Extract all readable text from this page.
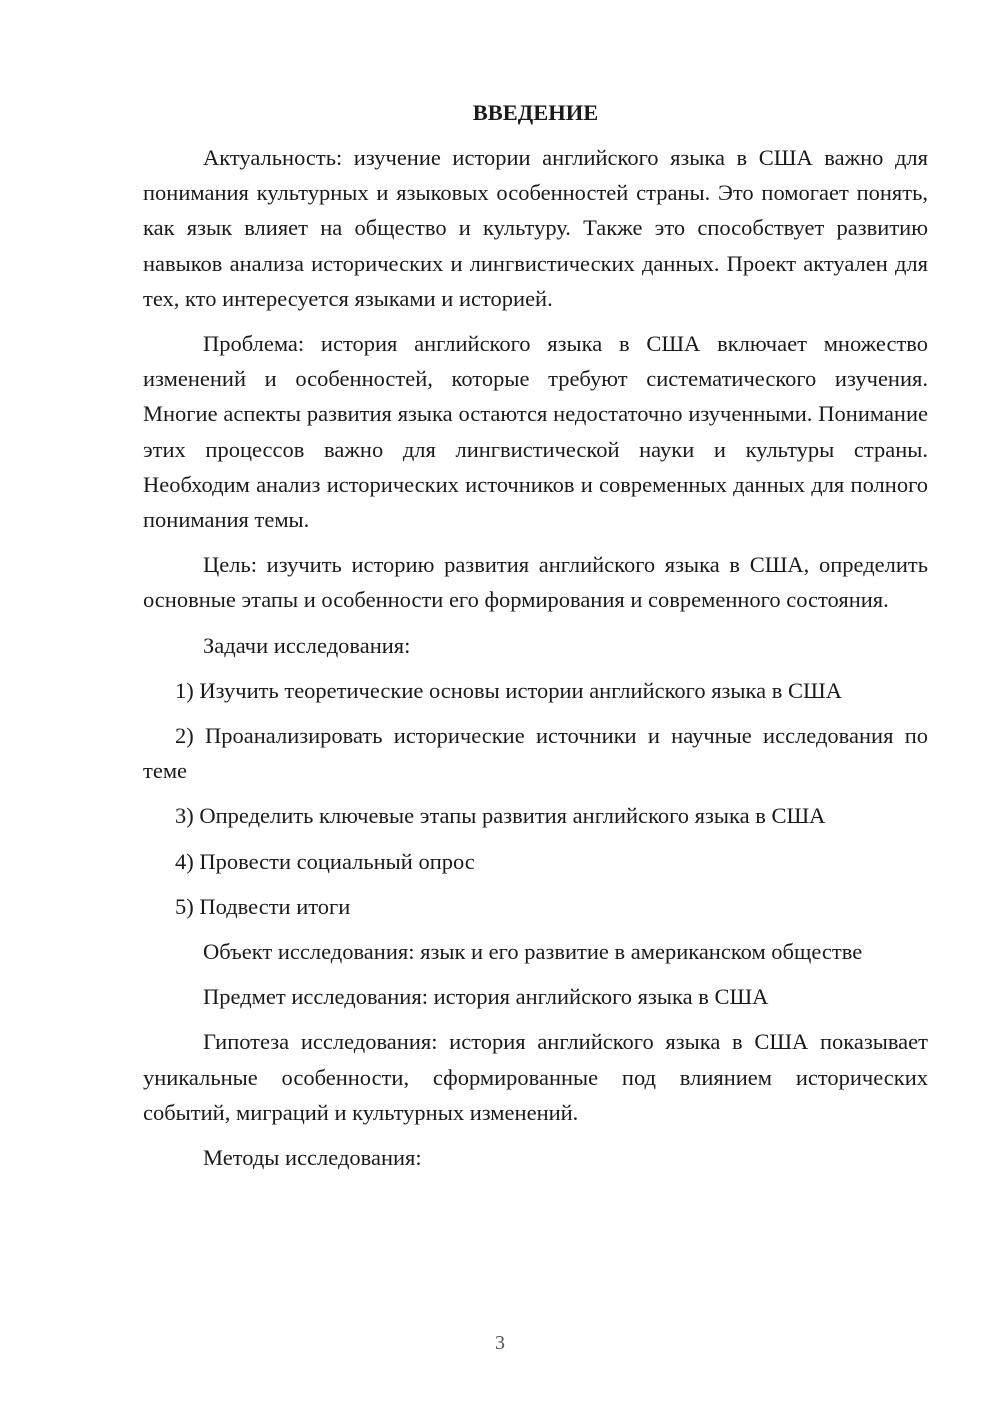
ВВЕДЕНИЕ

Актуальность: изучение истории английского языка в США важно для понимания культурных и языковых особенностей страны. Это помогает понять, как язык влияет на общество и культуру. Также это способствует развитию навыков анализа исторических и лингвистических данных. Проект актуален для тех, кто интересуется языками и историей.

Проблема: история английского языка в США включает множество изменений и особенностей, которые требуют систематического изучения. Многие аспекты развития языка остаются недостаточно изученными. Понимание этих процессов важно для лингвистической науки и культуры страны. Необходим анализ исторических источников и современных данных для полного понимания темы.

Цель: изучить историю развития английского языка в США, определить основные этапы и особенности его формирования и современного состояния.

Задачи исследования:

1) Изучить теоретические основы истории английского языка в США

2) Проанализировать исторические источники и научные исследования по теме

3) Определить ключевые этапы развития английского языка в США

4) Провести социальный опрос

5) Подвести итоги

Объект исследования: язык и его развитие в американском обществе

Предмет исследования: история английского языка в США

Гипотеза исследования: история английского языка в США показывает уникальные особенности, сформированные под влиянием исторических событий, миграций и культурных изменений.

Методы исследования:

3
